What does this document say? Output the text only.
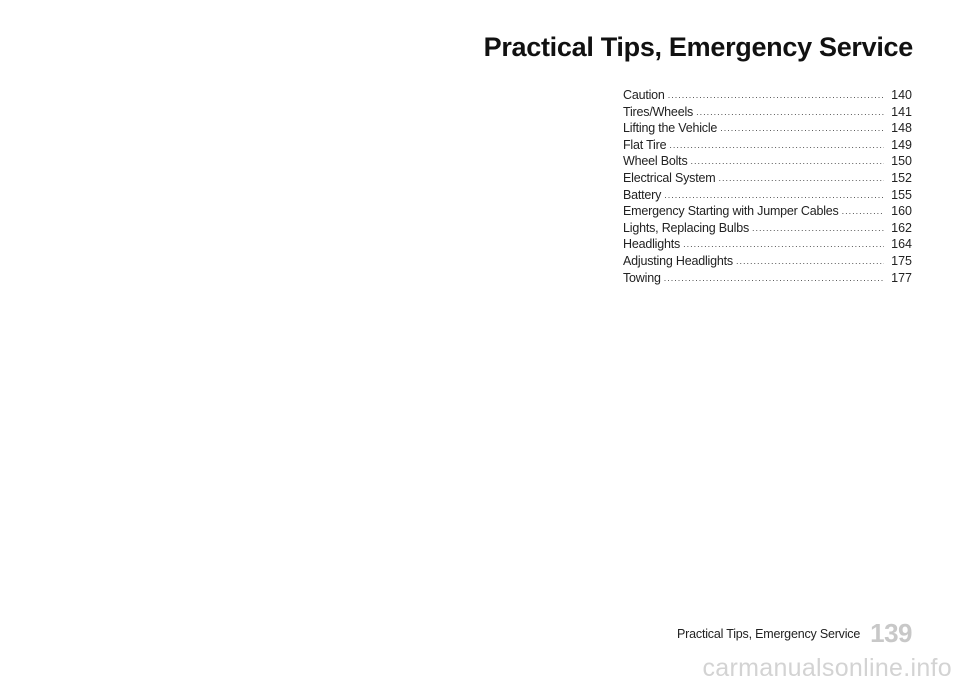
Practical Tips, Emergency Service
Caution .....	140
Tires/Wheels .....	141
Lifting the Vehicle .....	148
Flat Tire .....	149
Wheel Bolts .....	150
Electrical System .....	152
Battery .....	155
Emergency Starting with Jumper Cables .....	160
Lights, Replacing Bulbs .....	162
Headlights .....	164
Adjusting Headlights .....	175
Towing .....	177
Practical Tips, Emergency Service 139
carmanualsonline.info
